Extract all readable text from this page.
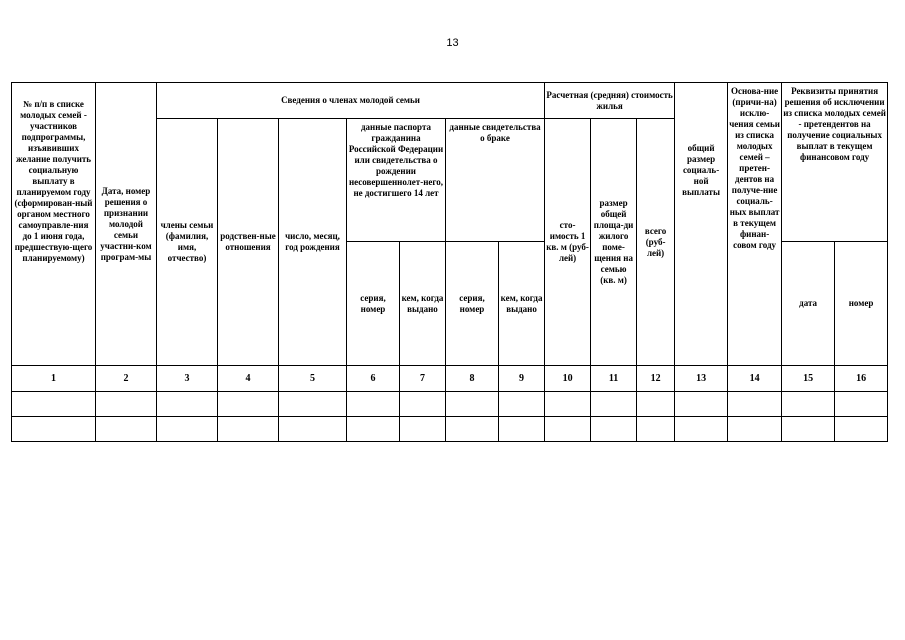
13
№ п/п в списке молодых семей - участников подпрограммы, изъявивших желание получить социальную выплату в планируемом году (сформирован-ный органом местного самоуправле-ния до 1 июня года, предшествую-щего планируемому)	Дата, номер решения о признании молодой семьи участни-ком програм-мы	Сведения о членах молодой семьи							Расчетная (средняя) стоимость жилья			общий размер социаль-ной выплаты	Основа-ние (причи-на) исклю-чения семьи из списка молодых семей – претен-дентов на получе-ние социаль-ных выплат в текущем финан-совом году	Реквизиты принятия решения об исключении из списка молодых семей - претендентов на получение социальных выплат в текущем финансовом году	
		члены семьи (фамилия, имя, отчество)	родствен-ные отношения	число, месяц, год рождения	данные паспорта гражданина Российской Федерации или свидетельства о рождении несовершеннолет-него, не достигшего 14 лет		данные свидетельства о браке		сто-имость 1 кв. м (руб-лей)	размер общей площа-ди жилого поме-щения на семью (кв. м)	всего (руб-лей)				
					серия, номер	кем, когда выдано	серия, номер	кем, когда выдано						дата	номер
1	2	3	4	5	6	7	8	9	10	11	12	13	14	15	16
